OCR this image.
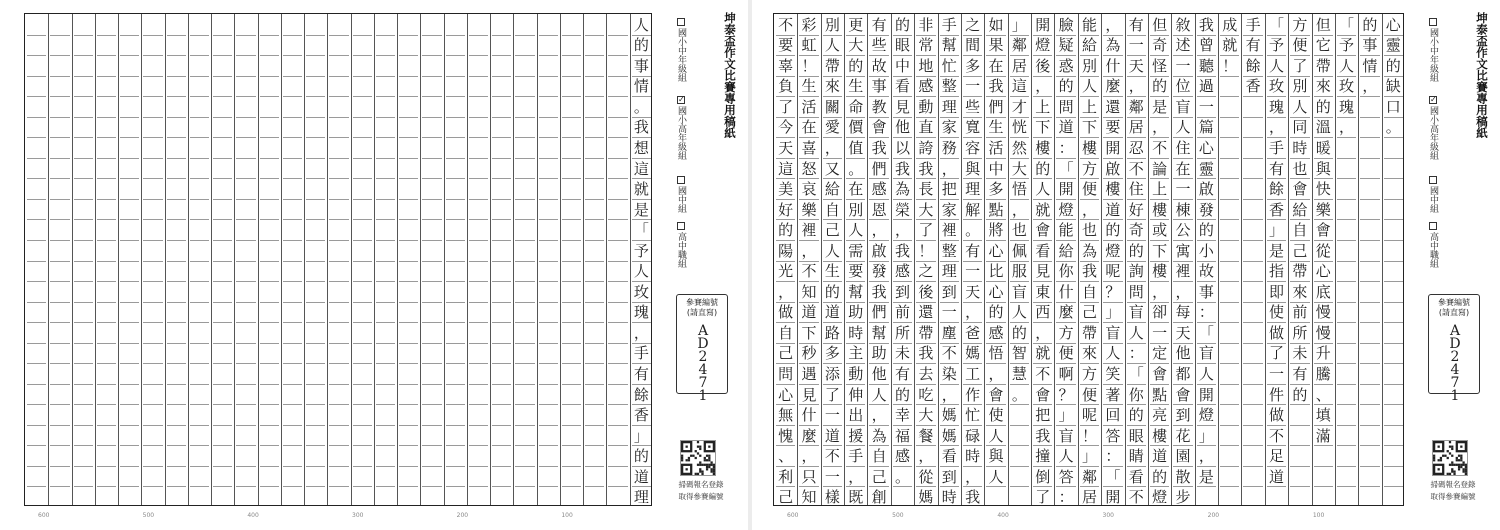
人
的
事
情
。
我
想
這
就
是
「
予
人
玫
瑰
，
手
有
餘
香
」
的
道
理
600	500	400	300	200	100
坤泰盃作文比賽專用稿紙
國小中年級組
✓國小高年級組
國中組
高中職組
參賽編號
(請直寫)
A
D
2
4
7
1
掃碼報名登錄
取得參賽編號
心
靈
的
缺
口
。
的
事
情
，
「
予
人
玫
瑰
，
但
它
帶
來
的
溫
暖
與
快
樂
會
從
心
底
慢
慢
升
騰
、
填
滿
方
便
了
別
人
同
時
也
會
給
自
己
帶
來
前
所
未
有
的
「
予
人
玫
瑰
，
手
有
餘
香
」
是
指
即
使
做
了
一
件
做
不
足
道
手
有
餘
香
成
就
！
我
曾
聽
過
一
篇
心
靈
啟
發
的
小
故
事
：
「
盲
人
開
燈
」
，
是
敘
述
一
位
盲
人
住
在
一
棟
公
寓
裡
，
每
天
他
都
會
到
花
園
散
步
但
奇
怪
的
是
，
不
論
上
樓
或
下
樓
，
卻
一
定
會
點
亮
樓
道
的
燈
有
一
天
，
鄰
居
忍
不
住
好
奇
的
詢
問
盲
人
：
「
你
的
眼
睛
看
不
，
為
什
麼
還
要
開
啟
樓
道
的
燈
呢
？
」
盲
人
笑
著
回
答
：
「
開
能
給
別
人
上
下
樓
方
便
，
也
為
我
自
己
帶
來
方
便
呢
！
」
鄰
居
臉
疑
惑
的
問
道
：
「
開
燈
能
給
你
什
麼
方
便
啊
？
」
盲
人
答
：
開
燈
後
，
上
下
樓
的
人
就
會
看
見
東
西
，
就
不
會
把
我
撞
倒
了
」
鄰
居
這
才
恍
然
大
悟
，
也
佩
服
盲
人
的
智
慧
。
如
果
在
我
們
生
活
中
多
點
將
心
比
心
的
感
悟
，
會
使
人
與
人
之
間
多
一
些
寬
容
與
理
解
。
有
一
天
，
爸
媽
工
作
忙
碌
時
，
我
手
幫
忙
整
理
家
務
，
把
家
裡
整
理
到
一
塵
不
染
，
媽
媽
看
到
時
非
常
地
感
動
直
誇
我
長
大
了
！
之
後
還
帶
我
去
吃
大
餐
，
從
媽
的
眼
中
看
見
他
以
我
為
榮
，
我
感
到
前
所
未
有
的
幸
福
感
。
有
些
故
事
教
會
我
們
感
恩
，
啟
發
我
們
幫
助
他
人
，
為
自
己
創
更
大
的
生
命
價
值
。
在
別
人
需
要
幫
助
時
主
動
伸
出
援
手
，
既
別
人
帶
來
關
愛
，
又
給
自
己
人
生
的
道
路
多
添
了
一
道
不
一
樣
彩
虹
！
生
活
在
喜
怒
哀
樂
裡
，
不
知
道
下
秒
遇
見
什
麼
，
只
知
不
要
辜
負
了
今
天
這
美
好
的
陽
光
，
做
自
己
問
心
無
愧
、
利
己
600	500	400	300	200	100
坤泰盃作文比賽專用稿紙
國小中年級組
✓國小高年級組
國中組
高中職組
參賽編號
(請直寫)
A
D
2
4
7
1
掃碼報名登錄
取得參賽編號
